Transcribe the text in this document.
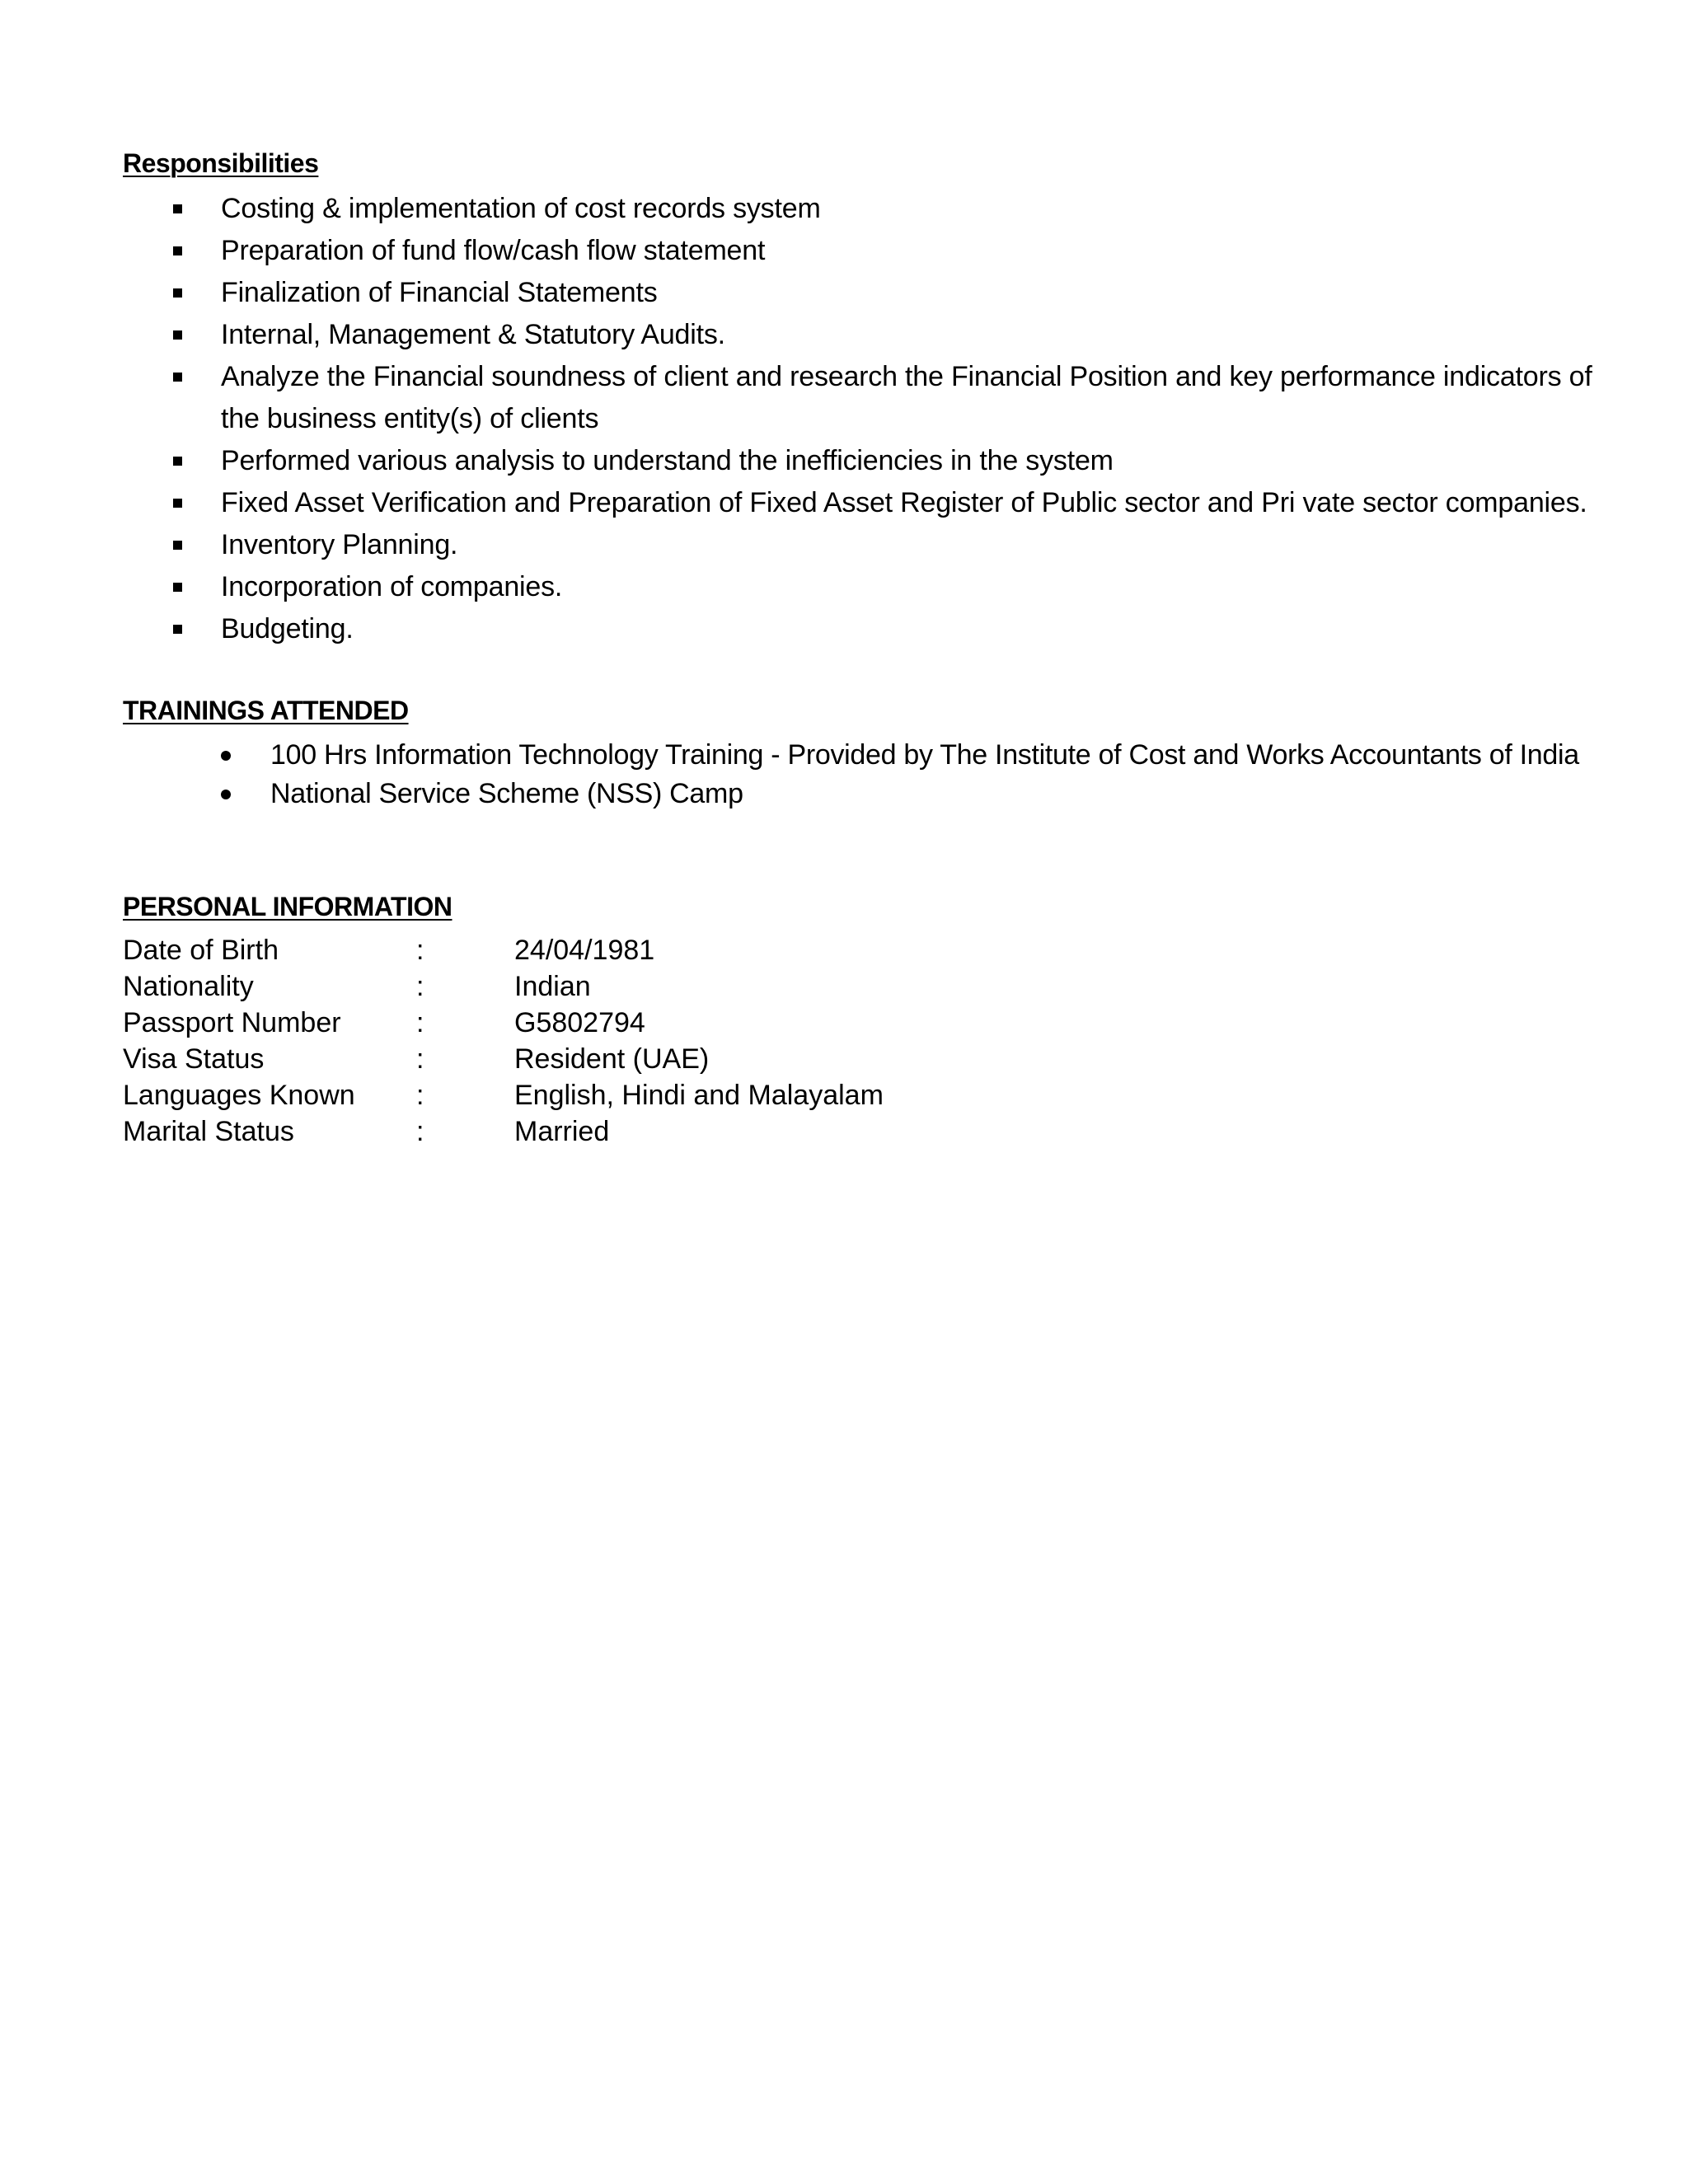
Responsibilities
Costing & implementation of cost records system
Preparation of fund flow/cash flow statement
Finalization of Financial Statements
Internal, Management & Statutory Audits.
Analyze the Financial soundness of client and research the Financial Position and key performance indicators of the business entity(s) of clients
Performed various analysis to understand the inefficiencies in the system
Fixed Asset Verification and Preparation of Fixed Asset Register of Public sector and Pri vate sector companies.
Inventory Planning.
Incorporation of companies.
Budgeting.
TRAININGS ATTENDED
100 Hrs Information Technology Training - Provided by The Institute of Cost and Works Accountants of India
National Service Scheme (NSS) Camp
PERSONAL INFORMATION
Date of Birth	:	24/04/1981
Nationality	:	Indian
Passport Number	:	G5802794
Visa Status	:	Resident (UAE)
Languages Known :	English, Hindi and Malayalam
Marital Status	:	Married
